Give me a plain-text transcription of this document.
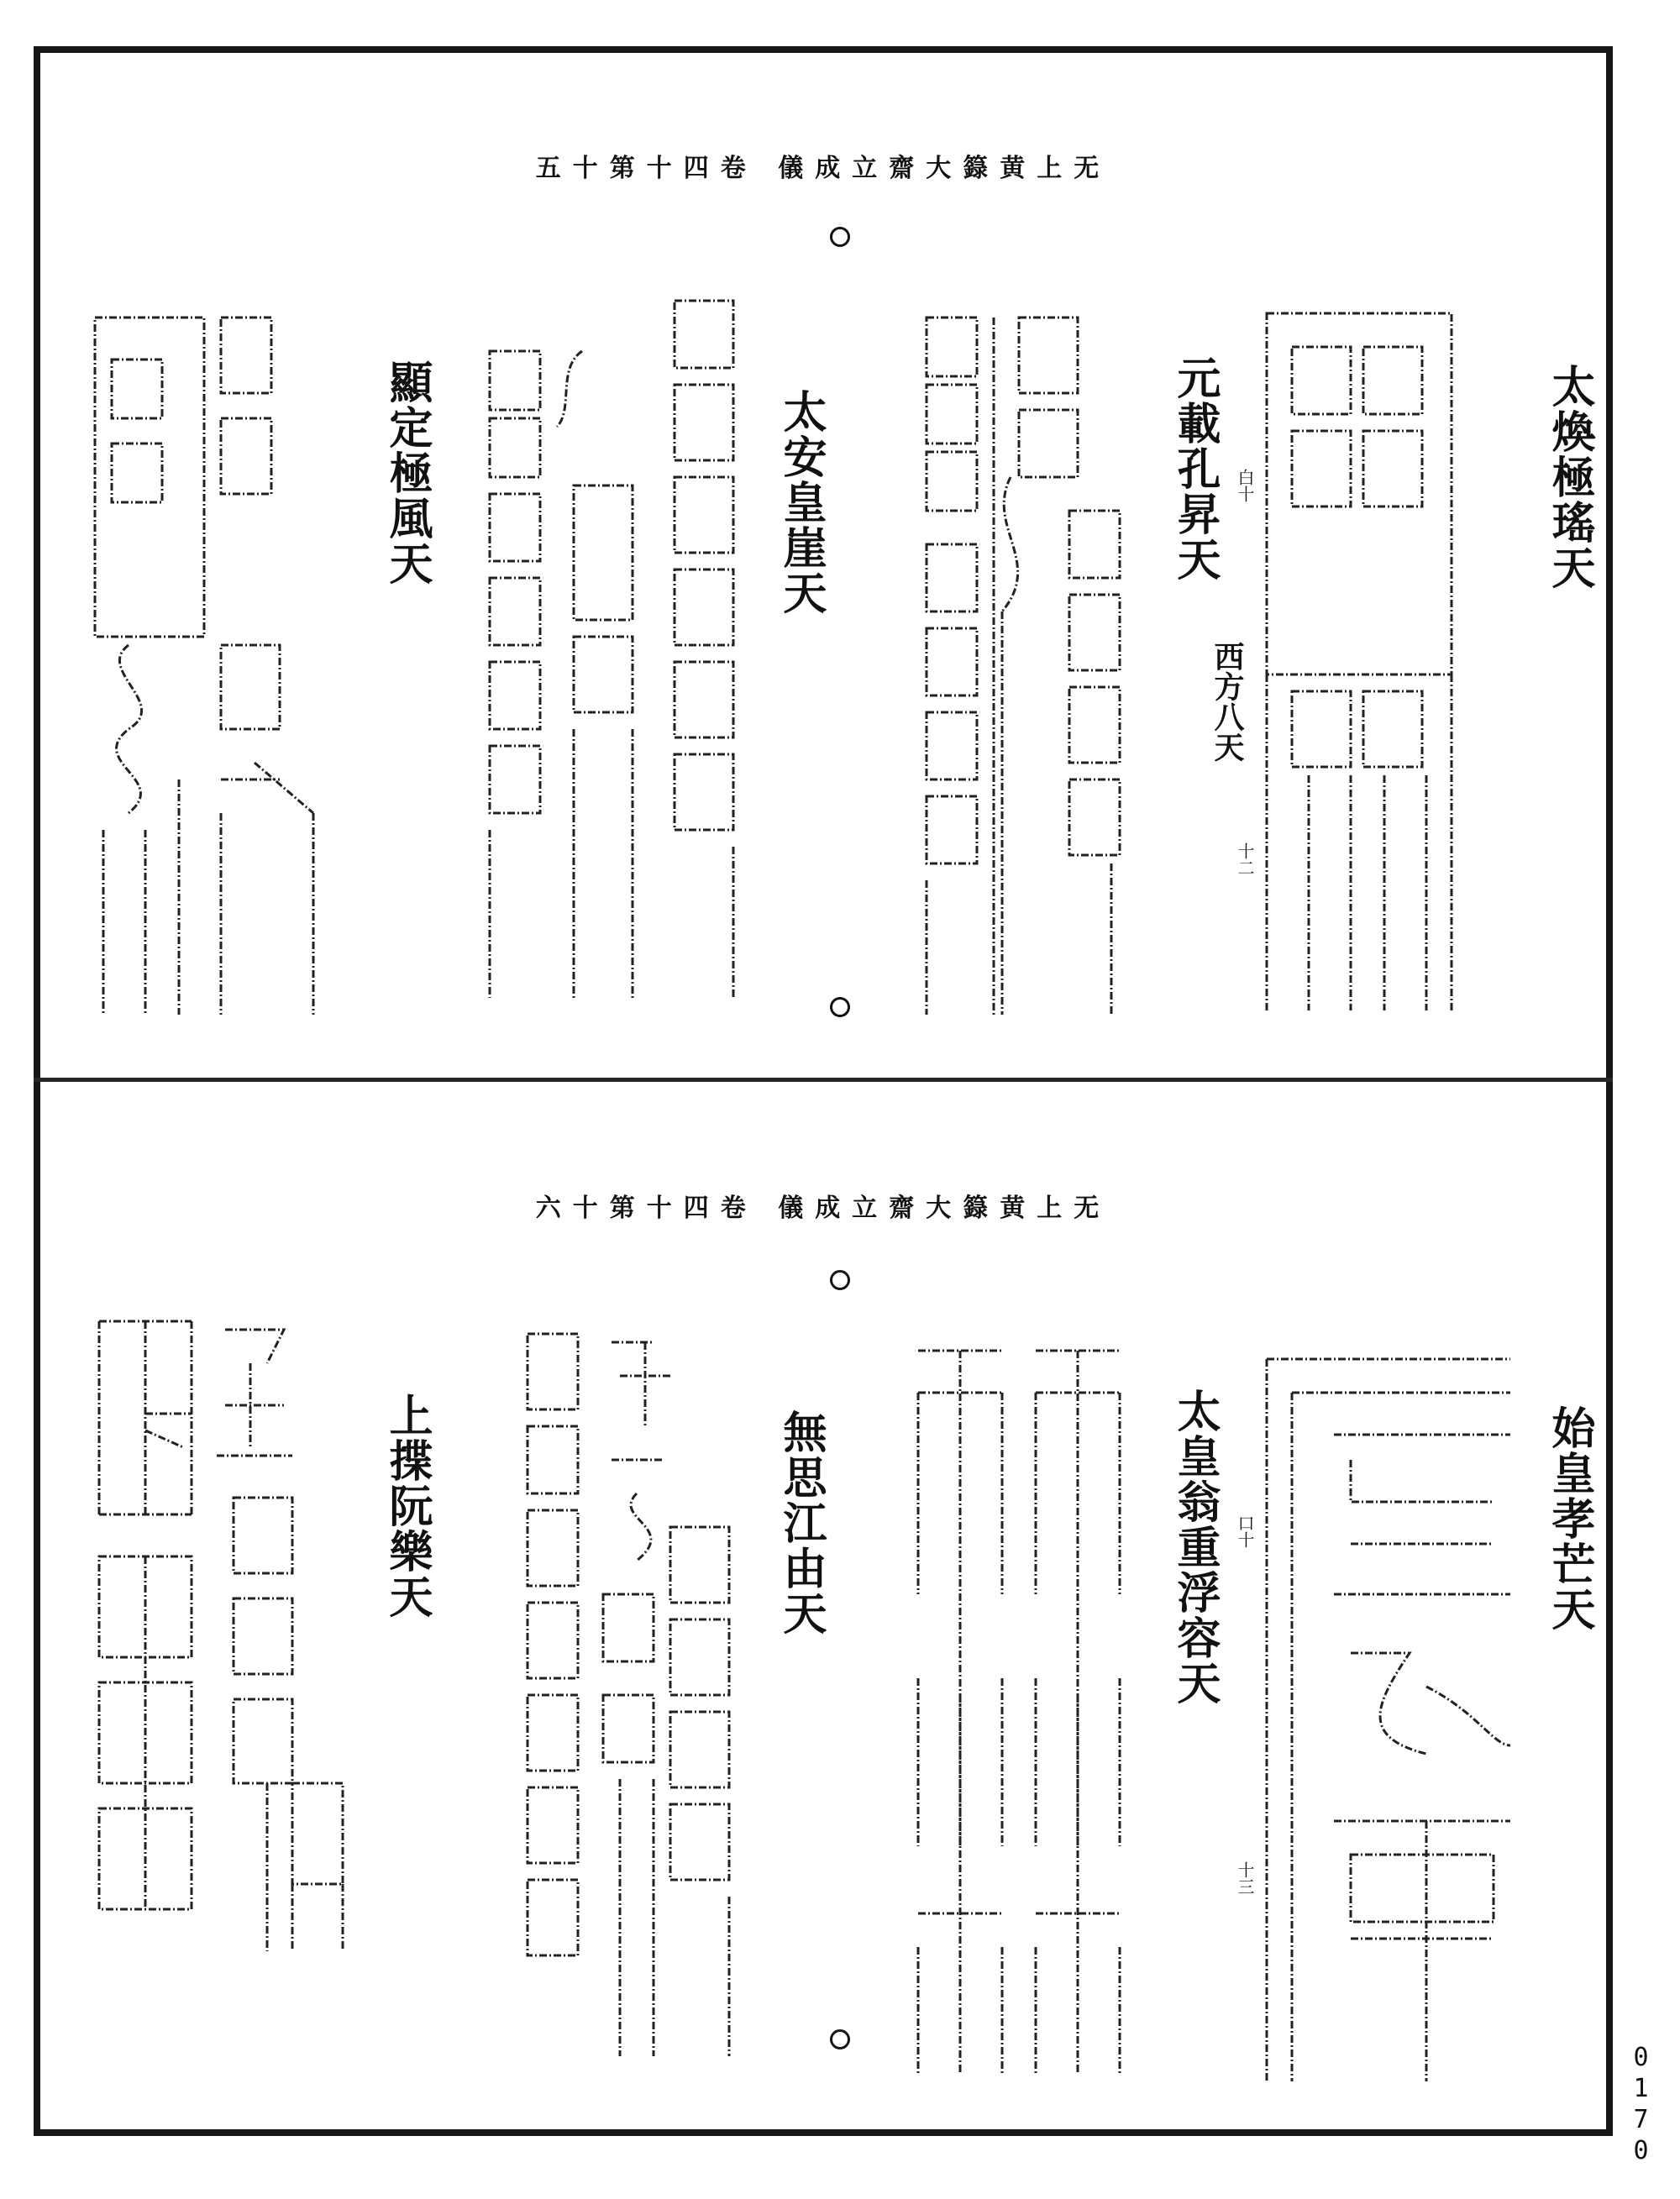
五十第十四卷 儀成立齋大籙黄上无
太煥極瑤天
元載孔昇天 白十
西方八天
十二
太安皇崖天
顯定極風天
六十第十四卷 儀成立齋大籙黄上无
始皇孝芒天
太皇翁重浮容天 口十
十三
無思江由天
上揲阮樂天
0170
